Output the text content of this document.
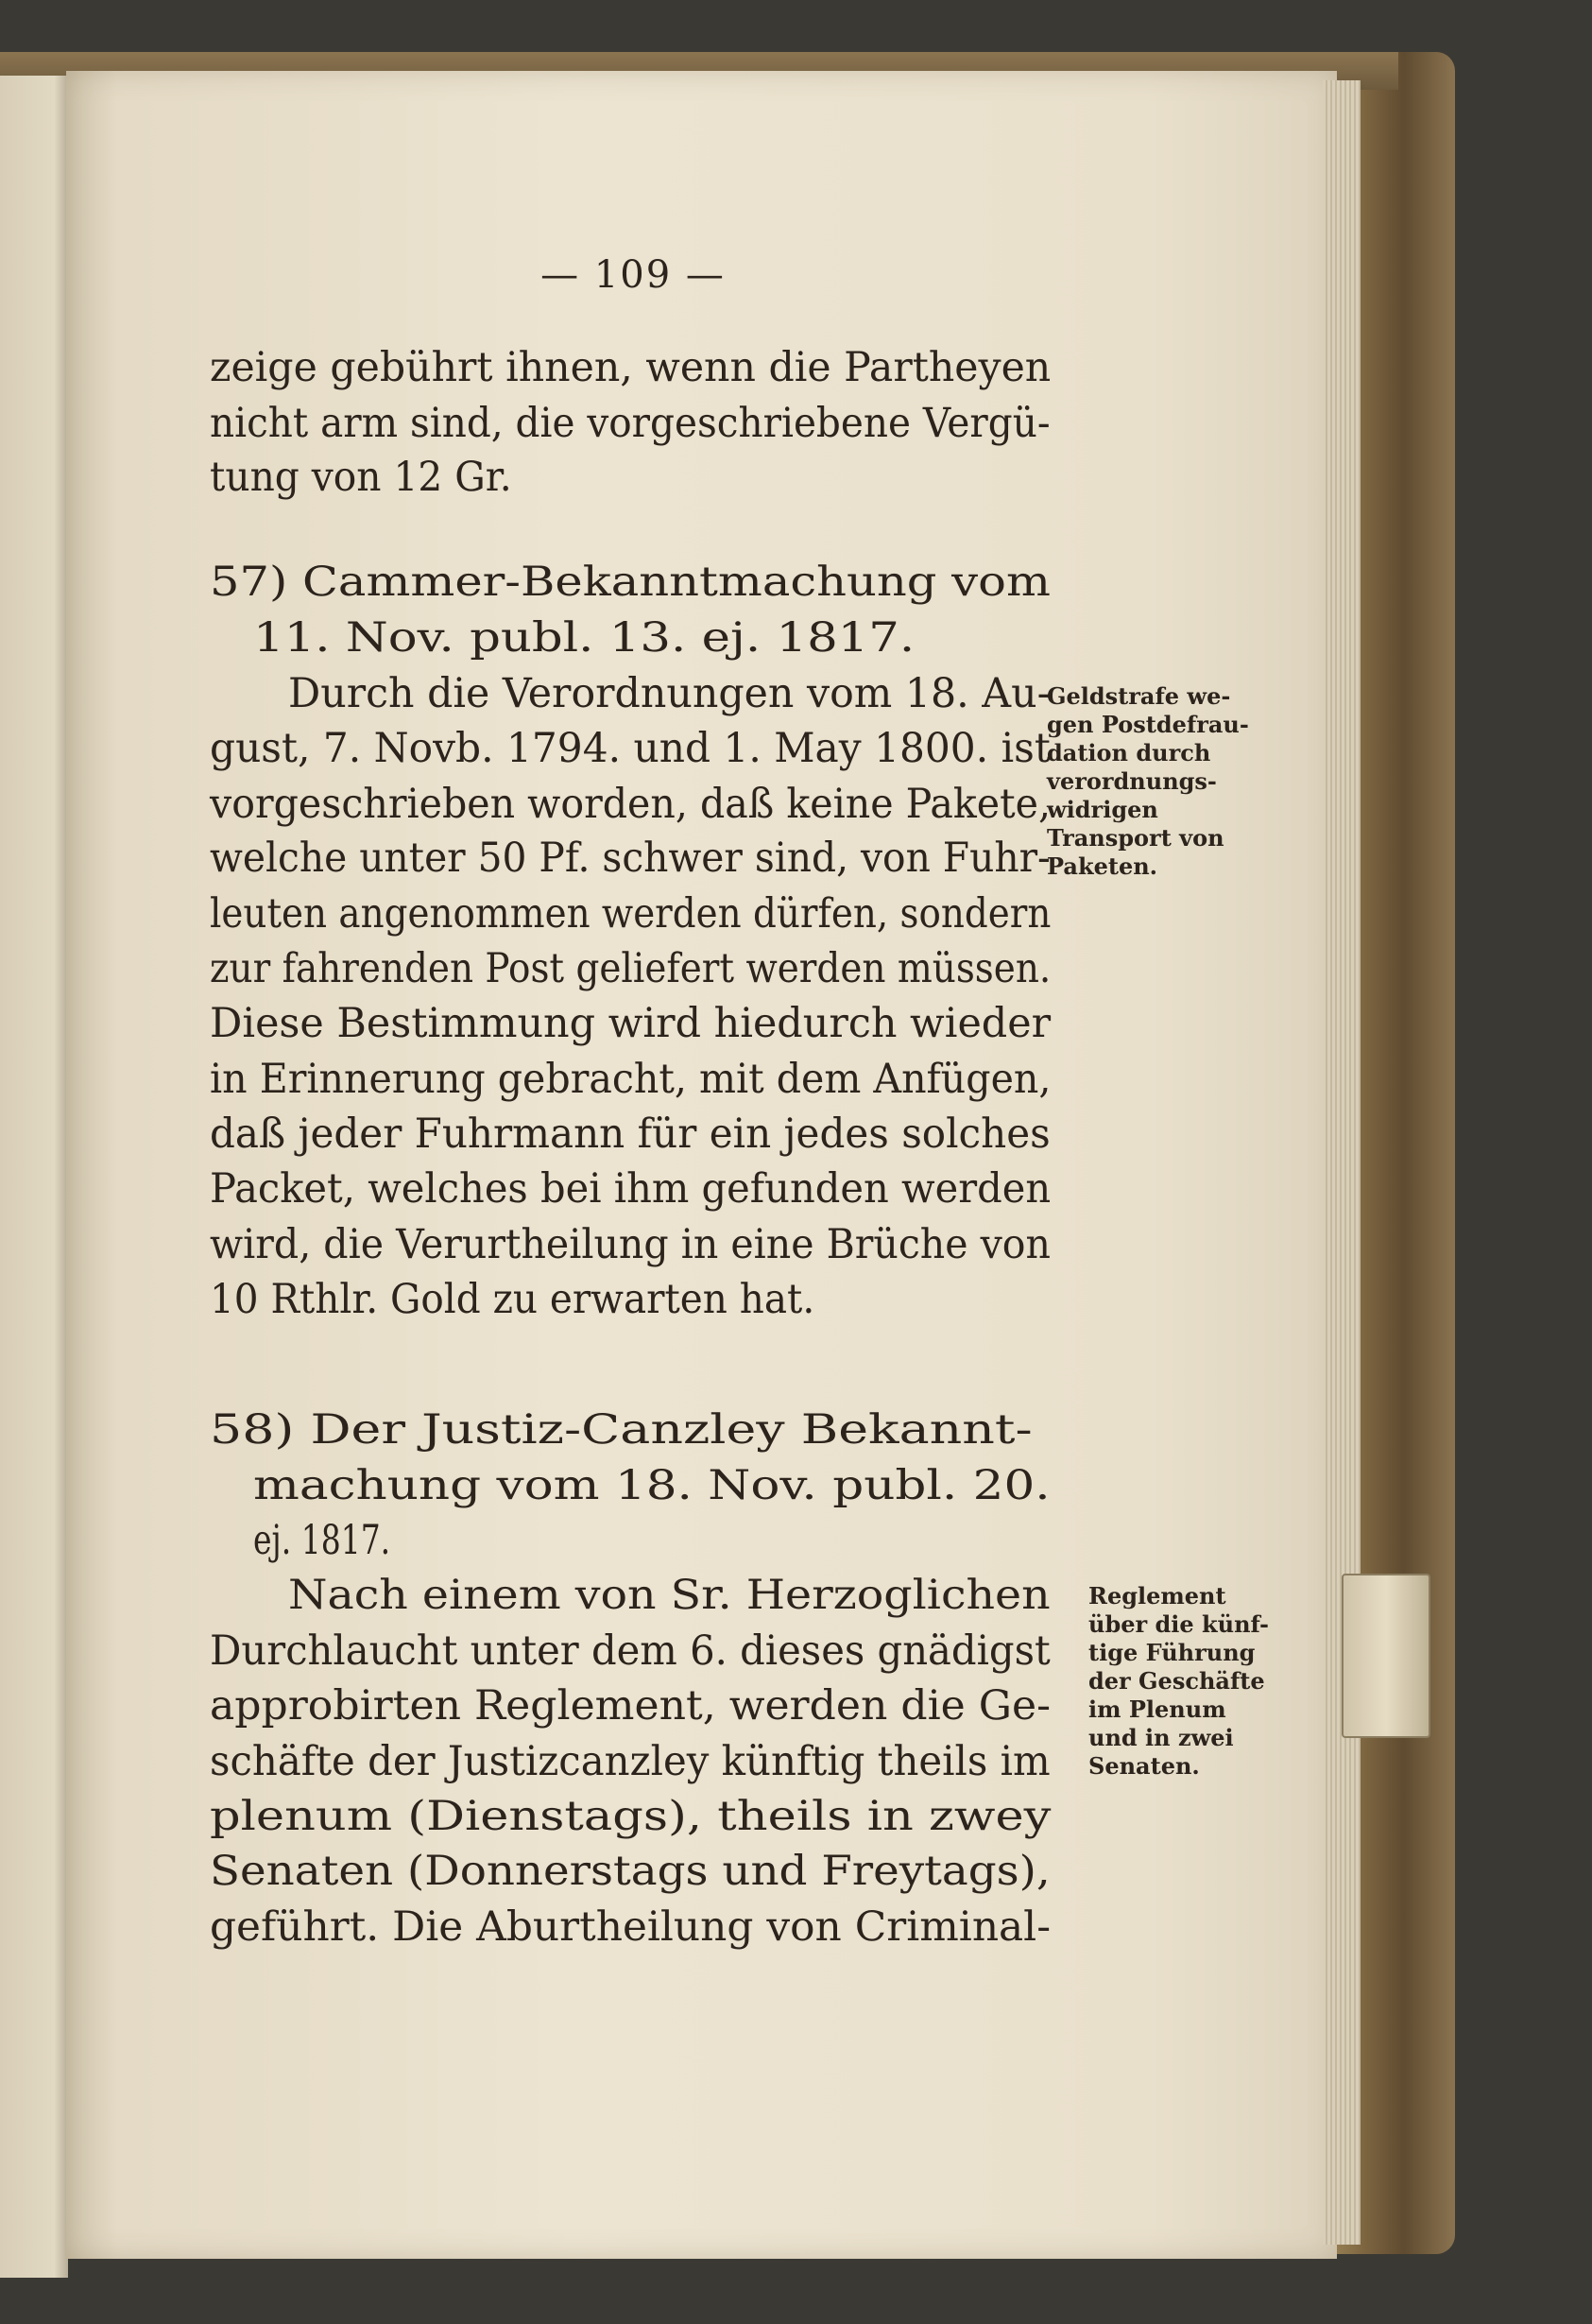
— 109 —
zeige gebührt ihnen, wenn die Partheyen
nicht arm sind, die vorgeschriebene Vergü-
tung von 12 Gr.
57) Cammer-Bekanntmachung vom
11. Nov. publ. 13. ej. 1817.
Durch die Verordnungen vom 18. Au-
gust, 7. Novb. 1794. und 1. May 1800. ist
vorgeschrieben worden, daß keine Pakete,
welche unter 50 Pf. schwer sind, von Fuhr-
leuten angenommen werden dürfen, sondern
zur fahrenden Post geliefert werden müssen.
Diese Bestimmung wird hiedurch wieder
in Erinnerung gebracht, mit dem Anfügen,
daß jeder Fuhrmann für ein jedes solches
Packet, welches bei ihm gefunden werden
wird, die Verurtheilung in eine Brüche von
10 Rthlr. Gold zu erwarten hat.
58) Der Justiz-Canzley Bekannt-
machung vom 18. Nov. publ. 20.
ej. 1817.
Nach einem von Sr. Herzoglichen
Durchlaucht unter dem 6. dieses gnädigst
approbirten Reglement, werden die Ge-
schäfte der Justizcanzley künftig theils im
plenum (Dienstags), theils in zwey
Senaten (Donnerstags und Freytags),
geführt. Die Aburtheilung von Criminal-
Geldstrafe we-
gen Postdefrau-
dation durch
verordnungs-
widrigen
Transport von
Paketen.
Reglement
über die künf-
tige Führung
der Geschäfte
im Plenum
und in zwei
Senaten.
